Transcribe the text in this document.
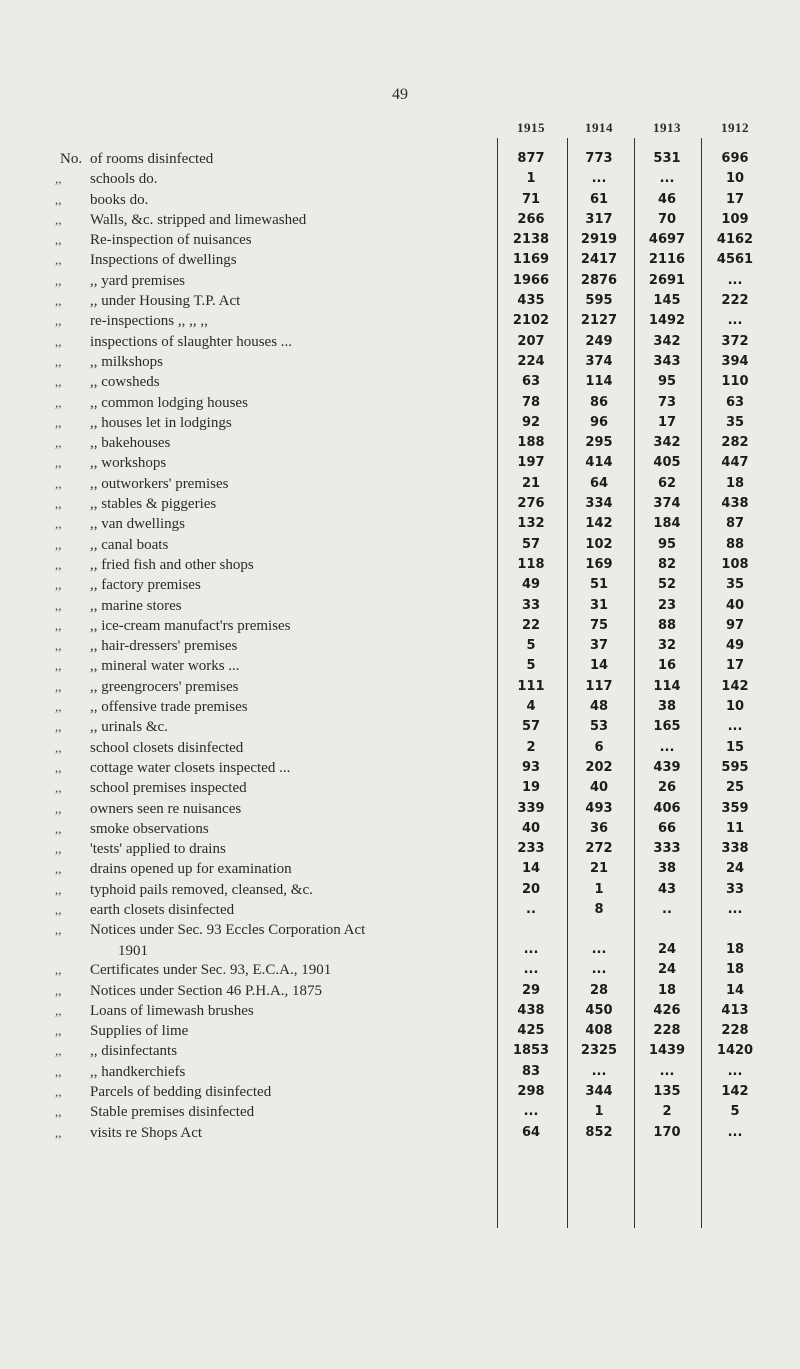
49
1915	1914	1913	1912
No. of rooms disinfected	877	773	531	696
,, schools do.	1	...	...	10
,, books do.	71	61	46	17
,, Walls, &c. stripped and limewashed	266	317	70	109
,, Re-inspection of nuisances	2138	2919	4697	4162
,, Inspections of dwellings	1169	2417	2116	4561
,, ,, yard premises	1966	2876	2691	...
,, ,, under Housing T.P. Act	435	595	145	222
,, re-inspections ,, ,, ,,	2102	2127	1492	...
,, inspections of slaughter houses ...	207	249	342	372
,, ,, milkshops	224	374	343	394
,, ,, cowsheds	63	114	95	110
,, ,, common lodging houses	78	86	73	63
,, ,, houses let in lodgings	92	96	17	35
,, ,, bakehouses	188	295	342	282
,, ,, workshops	197	414	405	447
,, ,, outworkers' premises	21	64	62	18
,, ,, stables & piggeries	276	334	374	438
,, ,, van dwellings	132	142	184	87
,, ,, canal boats	57	102	95	88
,, ,, fried fish and other shops	118	169	82	108
,, ,, factory premises	49	51	52	35
,, ,, marine stores	33	31	23	40
,, ,, ice-cream manufact'rs premises	22	75	88	97
,, ,, hair-dressers' premises	5	37	32	49
,, ,, mineral water works ...	5	14	16	17
,, ,, greengrocers' premises	111	117	114	142
,, ,, offensive trade premises	4	48	38	10
,, ,, urinals &c.	57	53	165	...
,, school closets disinfected	2	6	...	15
,, cottage water closets inspected ...	93	202	439	595
,, school premises inspected	19	40	26	25
,, owners seen re nuisances	339	493	406	359
,, smoke observations	40	36	66	11
,, 'tests' applied to drains	233	272	333	338
,, drains opened up for examination	14	21	38	24
,, typhoid pails removed, cleansed, &c.	20	1	43	33
,, earth closets disinfected	..	8	..	...
,, Notices under Sec. 93 Eccles Corporation Act
1901	...	...	24	18
,, Certificates under Sec. 93, E.C.A., 1901	...	...	24	18
,, Notices under Section 46 P.H.A., 1875	29	28	18	14
,, Loans of limewash brushes	438	450	426	413
,, Supplies of lime	425	408	228	228
,, ,, disinfectants	1853	2325	1439	1420
,, ,, handkerchiefs	83	...	...	...
,, Parcels of bedding disinfected	298	344	135	142
,, Stable premises disinfected	...	1	2	5
,, visits re Shops Act	64	852	170	...
